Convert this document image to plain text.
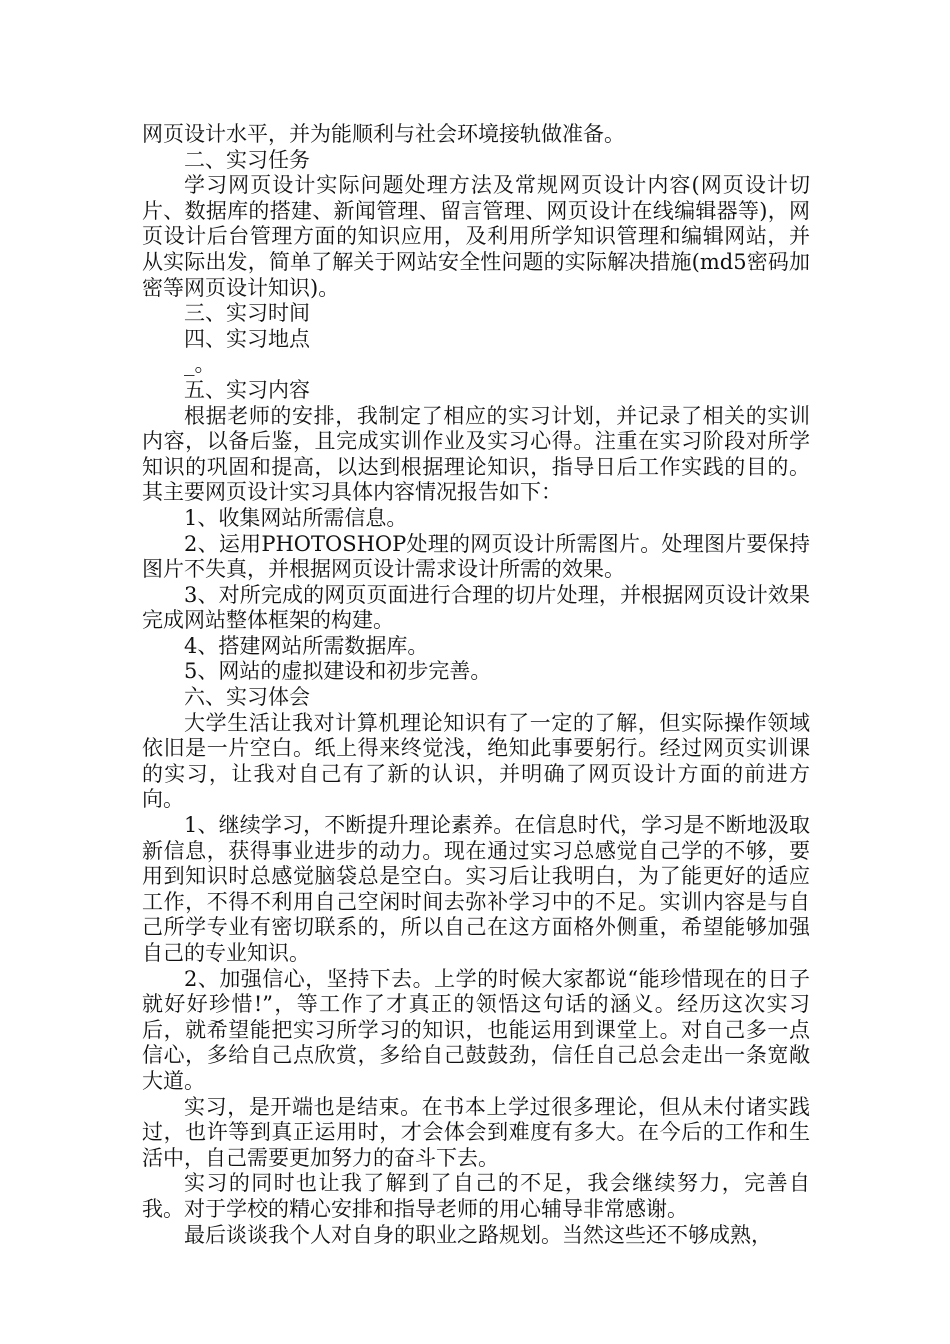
网页设计水平，并为能顺利与社会环境接轨做准备。

二、实习任务

学习网页设计实际问题处理方法及常规网页设计内容(网页设计切片、数据库的搭建、新闻管理、留言管理、网页设计在线编辑器等)，网页设计后台管理方面的知识应用，及利用所学知识管理和编辑网站，并从实际出发，简单了解关于网站安全性问题的实际解决措施(md5密码加密等网页设计知识)。

三、实习时间

四、实习地点

_。

五、实习内容

根据老师的安排，我制定了相应的实习计划，并记录了相关的实训内容，以备后鉴，且完成实训作业及实习心得。注重在实习阶段对所学知识的巩固和提高，以达到根据理论知识，指导日后工作实践的目的。其主要网页设计实习具体内容情况报告如下：

1、收集网站所需信息。

2、运用PHOTOSHOP处理的网页设计所需图片。处理图片要保持图片不失真，并根据网页设计需求设计所需的效果。

3、对所完成的网页页面进行合理的切片处理，并根据网页设计效果完成网站整体框架的构建。

4、搭建网站所需数据库。

5、网站的虚拟建设和初步完善。

六、实习体会

大学生活让我对计算机理论知识有了一定的了解，但实际操作领域依旧是一片空白。纸上得来终觉浅，绝知此事要躬行。经过网页实训课的实习，让我对自己有了新的认识，并明确了网页设计方面的前进方向。

1、继续学习，不断提升理论素养。在信息时代，学习是不断地汲取新信息，获得事业进步的动力。现在通过实习总感觉自己学的不够，要用到知识时总感觉脑袋总是空白。实习后让我明白，为了能更好的适应工作，不得不利用自己空闲时间去弥补学习中的不足。实训内容是与自己所学专业有密切联系的，所以自己在这方面格外侧重，希望能够加强自己的专业知识。

2、加强信心，坚持下去。上学的时候大家都说“能珍惜现在的日子就好好珍惜!”，等工作了才真正的领悟这句话的涵义。经历这次实习后，就希望能把实习所学习的知识，也能运用到课堂上。对自己多一点信心，多给自己点欣赏，多给自己鼓鼓劲，信任自己总会走出一条宽敞大道。

实习，是开端也是结束。在书本上学过很多理论，但从未付诸实践过，也许等到真正运用时，才会体会到难度有多大。在今后的工作和生活中，自己需要更加努力的奋斗下去。

实习的同时也让我了解到了自己的不足，我会继续努力，完善自我。对于学校的精心安排和指导老师的用心辅导非常感谢。

最后谈谈我个人对自身的职业之路规划。当然这些还不够成熟，
